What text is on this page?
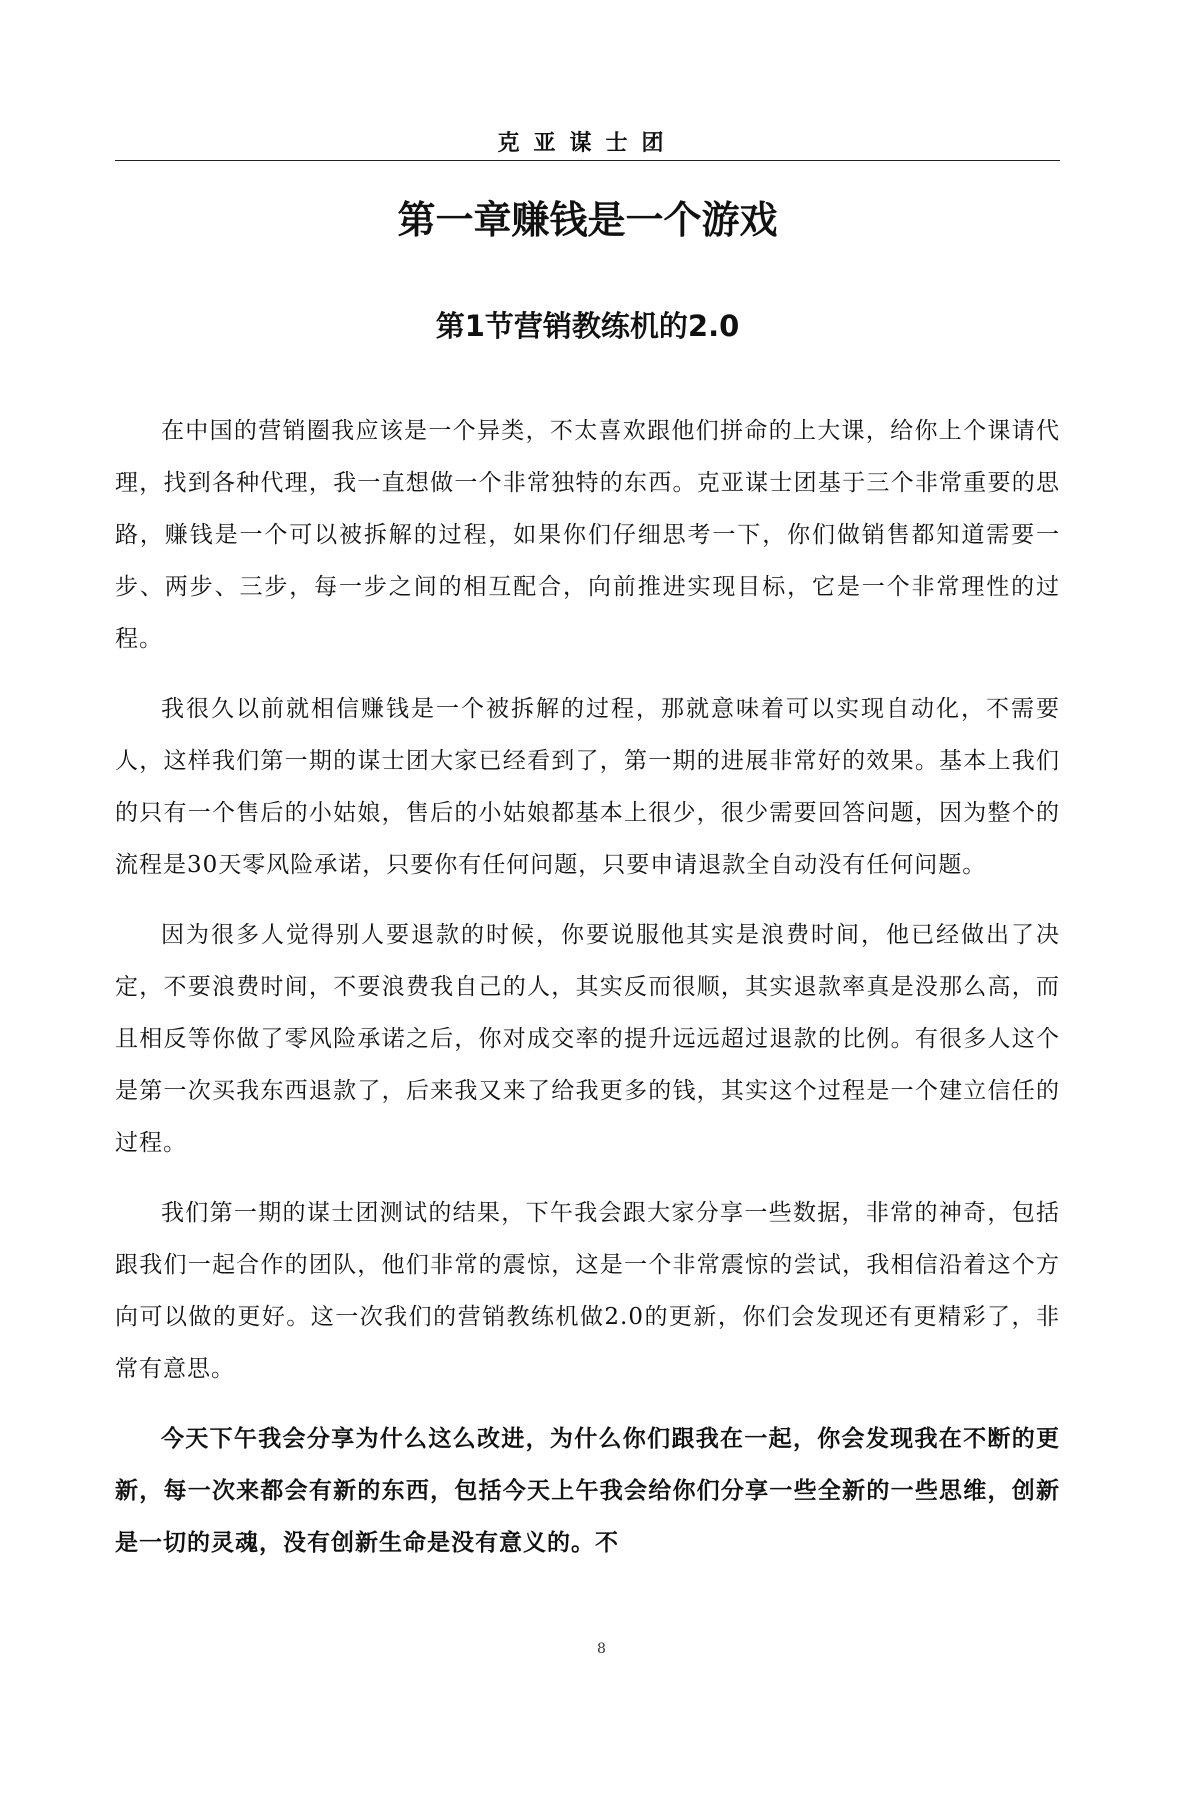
克亚谋士团
第一章赚钱是一个游戏
第1节营销教练机的2.0

在中国的营销圈我应该是一个异类，不太喜欢跟他们拼命的上大课，给你上个课请代理，找到各种代理，我一直想做一个非常独特的东西。克亚谋士团基于三个非常重要的思路，赚钱是一个可以被拆解的过程，如果你们仔细思考一下，你们做销售都知道需要一步、两步、三步，每一步之间的相互配合，向前推进实现目标，它是一个非常理性的过程。

我很久以前就相信赚钱是一个被拆解的过程，那就意味着可以实现自动化，不需要人，这样我们第一期的谋士团大家已经看到了，第一期的进展非常好的效果。基本上我们的只有一个售后的小姑娘，售后的小姑娘都基本上很少，很少需要回答问题，因为整个的流程是30天零风险承诺，只要你有任何问题，只要申请退款全自动没有任何问题。

因为很多人觉得别人要退款的时候，你要说服他其实是浪费时间，他已经做出了决定，不要浪费时间，不要浪费我自己的人，其实反而很顺，其实退款率真是没那么高，而且相反等你做了零风险承诺之后，你对成交率的提升远远超过退款的比例。有很多人这个是第一次买我东西退款了，后来我又来了给我更多的钱，其实这个过程是一个建立信任的过程。

我们第一期的谋士团测试的结果，下午我会跟大家分享一些数据，非常的神奇，包括跟我们一起合作的团队，他们非常的震惊，这是一个非常震惊的尝试，我相信沿着这个方向可以做的更好。这一次我们的营销教练机做2.0的更新，你们会发现还有更精彩了，非常有意思。

今天下午我会分享为什么这么改进，为什么你们跟我在一起，你会发现我在不断的更新，每一次来都会有新的东西，包括今天上午我会给你们分享一些全新的一些思维，创新是一切的灵魂，没有创新生命是没有意义的。不

8
